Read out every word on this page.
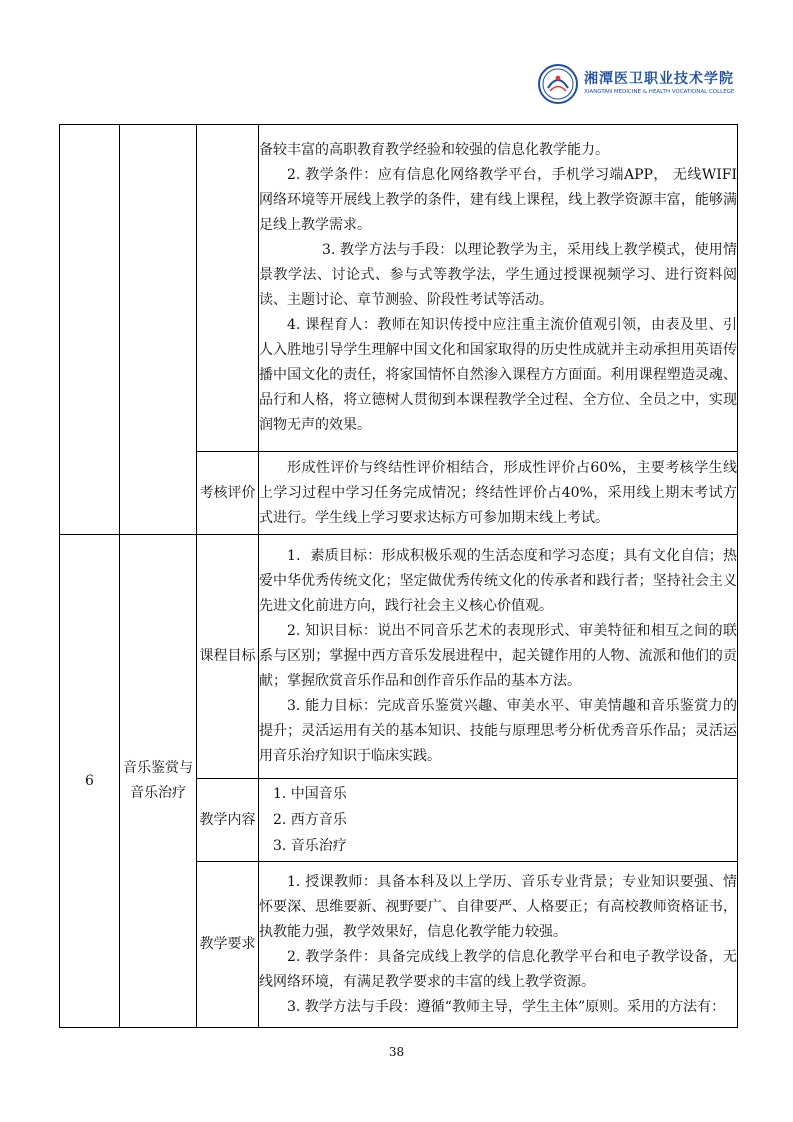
湘潭医卫职业技术学院
XIANGTAN MEDICINE & HEALTH VOCATIONAL COLLEGE

			备较丰富的高职教育教学经验和较强的信息化教学能力。
2. 教学条件：应有信息化网络教学平台，手机学习端APP， 无线WIFI网络环境等开展线上教学的条件，建有线上课程，线上教学资源丰富，能够满足线上教学需求。
3. 教学方法与手段：以理论教学为主，采用线上教学模式，使用情景教学法、讨论式、参与式等教学法，学生通过授课视频学习、进行资料阅读、主题讨论、章节测验、阶段性考试等活动。
4. 课程育人：教师在知识传授中应注重主流价值观引领，由表及里、引人入胜地引导学生理解中国文化和国家取得的历史性成就并主动承担用英语传播中国文化的责任，将家国情怀自然渗入课程方方面面。利用课程塑造灵魂、品行和人格，将立德树人贯彻到本课程教学全过程、全方位、全员之中，实现润物无声的效果。

		考核评价	形成性评价与终结性评价相结合，形成性评价占60%，主要考核学生线上学习过程中学习任务完成情况；终结性评价占40%，采用线上期末考试方式进行。学生线上学习要求达标方可参加期末线上考试。

6	音乐鉴赏与音乐治疗	课程目标	1．素质目标：形成积极乐观的生活态度和学习态度；具有文化自信；热爱中华优秀传统文化；坚定做优秀传统文化的传承者和践行者；坚持社会主义先进文化前进方向，践行社会主义核心价值观。
2. 知识目标：说出不同音乐艺术的表现形式、审美特征和相互之间的联系与区别；掌握中西方音乐发展进程中，起关键作用的人物、流派和他们的贡献；掌握欣赏音乐作品和创作音乐作品的基本方法。
3. 能力目标：完成音乐鉴赏兴趣、审美水平、审美情趣和音乐鉴赏力的提升；灵活运用有关的基本知识、技能与原理思考分析优秀音乐作品；灵活运用音乐治疗知识于临床实践。

		教学内容	1. 中国音乐
2. 西方音乐
3. 音乐治疗

		教学要求	1. 授课教师：具备本科及以上学历、音乐专业背景；专业知识要强、情怀要深、思维要新、视野要广、自律要严、人格要正；有高校教师资格证书，执教能力强，教学效果好，信息化教学能力较强。
2. 教学条件：具备完成线上教学的信息化教学平台和电子教学设备，无线网络环境，有满足教学要求的丰富的线上教学资源。
3. 教学方法与手段：遵循“教师主导，学生主体”原则。采用的方法有：
38
